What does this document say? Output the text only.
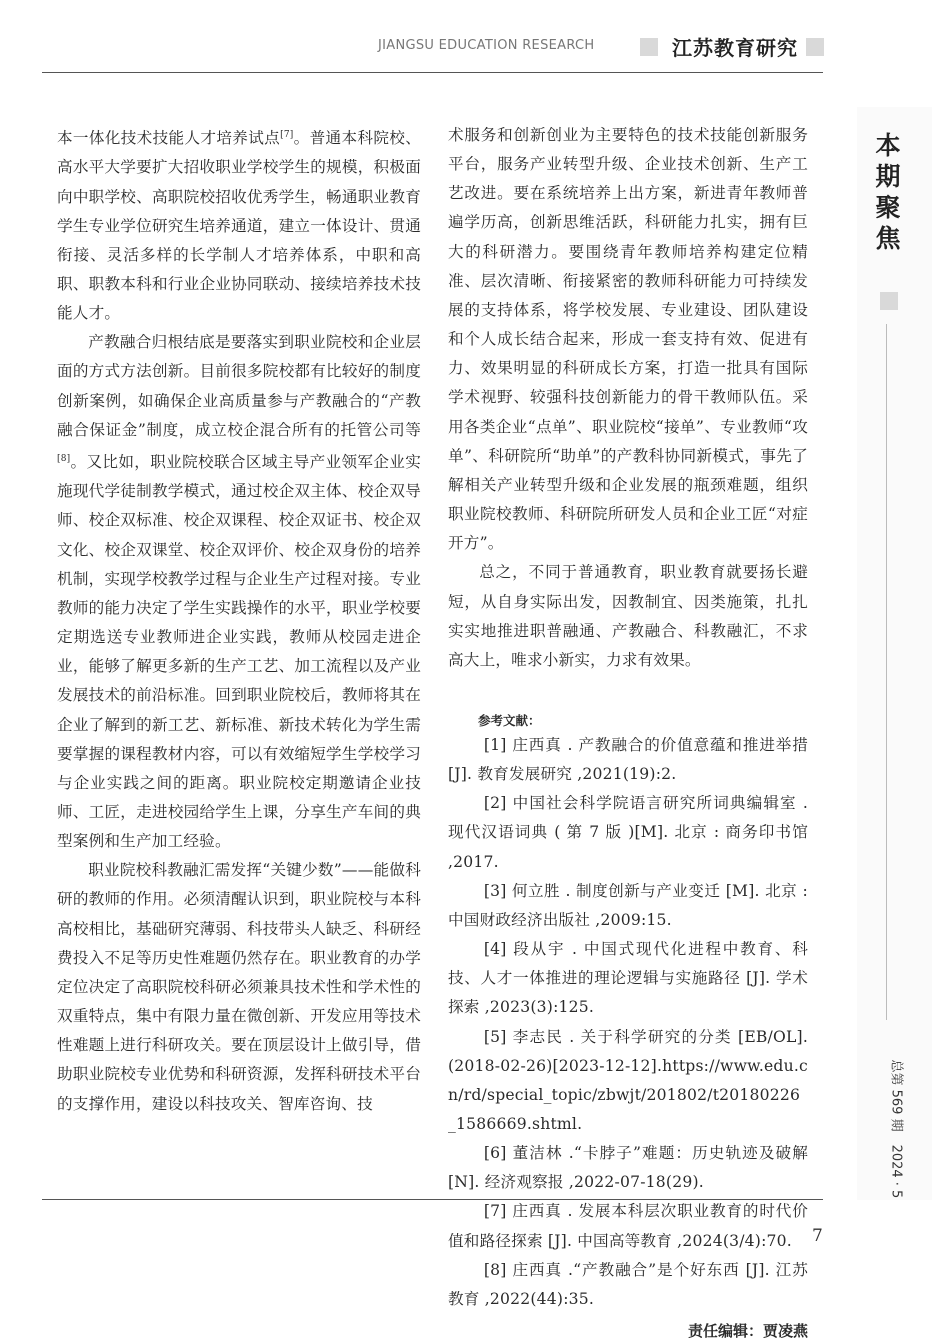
JIANGSU EDUCATION RESEARCH	江苏教育研究

本一体化技术技能人才培养试点[7]。普通本科院校、高水平大学要扩大招收职业学校学生的规模，积极面向中职学校、高职院校招收优秀学生，畅通职业教育学生专业学位研究生培养通道，建立一体设计、贯通衔接、灵活多样的长学制人才培养体系，中职和高职、职教本科和行业企业协同联动、接续培养技术技能人才。

产教融合归根结底是要落实到职业院校和企业层面的方式方法创新。目前很多院校都有比较好的制度创新案例，如确保企业高质量参与产教融合的“产教融合保证金”制度，成立校企混合所有的托管公司等[8]。又比如，职业院校联合区域主导产业领军企业实施现代学徒制教学模式，通过校企双主体、校企双导师、校企双标准、校企双课程、校企双证书、校企双文化、校企双课堂、校企双评价、校企双身份的培养机制，实现学校教学过程与企业生产过程对接。专业教师的能力决定了学生实践操作的水平，职业学校要定期选送专业教师进企业实践，教师从校园走进企业，能够了解更多新的生产工艺、加工流程以及产业发展技术的前沿标准。回到职业院校后，教师将其在企业了解到的新工艺、新标准、新技术转化为学生需要掌握的课程教材内容，可以有效缩短学生学校学习与企业实践之间的距离。职业院校定期邀请企业技师、工匠，走进校园给学生上课，分享生产车间的典型案例和生产加工经验。

职业院校科教融汇需发挥“关键少数”——能做科研的教师的作用。必须清醒认识到，职业院校与本科高校相比，基础研究薄弱、科技带头人缺乏、科研经费投入不足等历史性难题仍然存在。职业教育的办学定位决定了高职院校科研必须兼具技术性和学术性的双重特点，集中有限力量在微创新、开发应用等技术性难题上进行科研攻关。要在顶层设计上做引导，借助职业院校专业优势和科研资源，发挥科研技术平台的支撑作用，建设以科技攻关、智库咨询、技

术服务和创新创业为主要特色的技术技能创新服务平台，服务产业转型升级、企业技术创新、生产工艺改进。要在系统培养上出方案，新进青年教师普遍学历高，创新思维活跃，科研能力扎实，拥有巨大的科研潜力。要围绕青年教师培养构建定位精准、层次清晰、衔接紧密的教师科研能力可持续发展的支持体系，将学校发展、专业建设、团队建设和个人成长结合起来，形成一套支持有效、促进有力、效果明显的科研成长方案，打造一批具有国际学术视野、较强科技创新能力的骨干教师队伍。采用各类企业“点单”、职业院校“接单”、专业教师“攻单”、科研院所“助单”的产教科协同新模式，事先了解相关产业转型升级和企业发展的瓶颈难题，组织职业院校教师、科研院所研发人员和企业工匠“对症开方”。

总之，不同于普通教育，职业教育就要扬长避短，从自身实际出发，因教制宜、因类施策，扎扎实实地推进职普融通、产教融合、科教融汇，不求高大上，唯求小新实，力求有效果。

参考文献：

[1] 庄西真 . 产教融合的价值意蕴和推进举措 [J]. 教育发展研究 ,2021(19):2.

[2] 中国社会科学院语言研究所词典编辑室 . 现代汉语词典 ( 第 7 版 )[M]. 北京 : 商务印书馆 ,2017.

[3] 何立胜 . 制度创新与产业变迁 [M]. 北京 : 中国财政经济出版社 ,2009:15.

[4] 段从宇 . 中国式现代化进程中教育、科技、人才一体推进的理论逻辑与实施路径 [J]. 学术探索 ,2023(3):125.

[5] 李志民 . 关于科学研究的分类 [EB/OL].(2018-02-26)[2023-12-12].https://www.edu.cn/rd/special_topic/zbwjt/201802/t20180226_1586669.shtml.

[6] 董洁林 .“卡脖子”难题：历史轨迹及破解 [N]. 经济观察报 ,2022-07-18(29).

[7] 庄西真 . 发展本科层次职业教育的时代价值和路径探索 [J]. 中国高等教育 ,2024(3/4):70.

[8] 庄西真 .“产教融合”是个好东西 [J]. 江苏教育 ,2022(44):35.

责任编辑：贾凌燕
本期聚焦
总第 569 期　2024 · 5
7
